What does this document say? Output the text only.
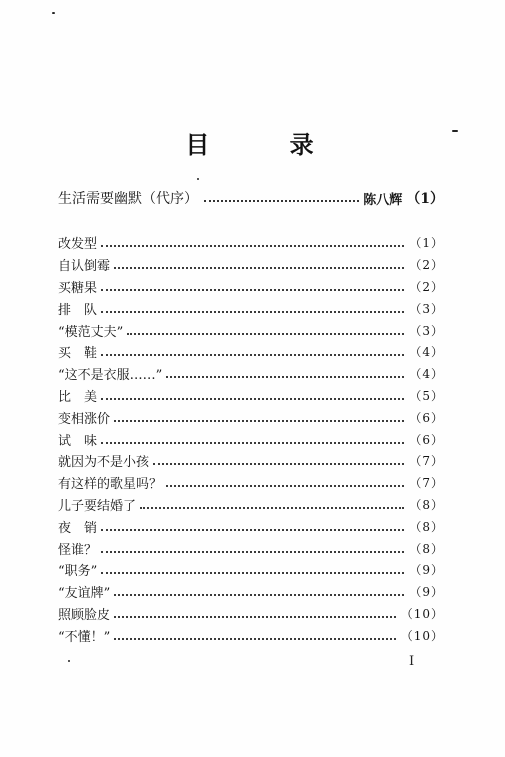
目 录
生活需要幽默（代序）	陈八辉 （1）
改发型	（1）
自认倒霉	（2）
买糖果	（2）
排　队	（3）
“模范丈夫”	（3）
买　鞋	（4）
“这不是衣服……”	（4）
比　美	（5）
变相涨价	（6）
试　味	（6）
就因为不是小孩	（7）
有这样的歌星吗？	（7）
儿子要结婚了	（8）
夜　销	（8）
怪谁？	（8）
“职务”	（9）
“友谊牌”	（9）
照顾脸皮	（10）
“不懂！”	（10）
I
